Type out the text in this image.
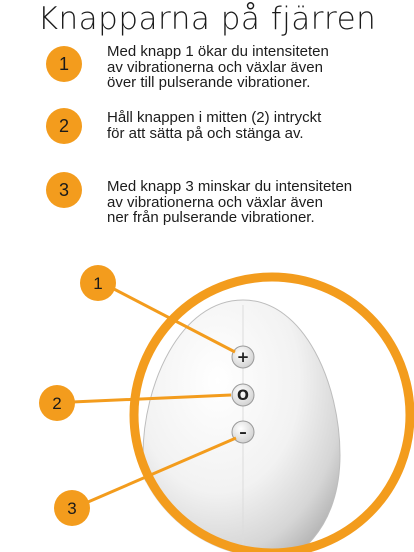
Knapparna på fjärren
1
Med knapp 1 ökar du intensiteten
av vibrationerna och växlar även
över till pulserande vibrationer.
2	Håll knappen i mitten (2) intryckt
för att sätta på och stänga av.
3	Med knapp 3 minskar du intensiteten
av vibrationerna och växlar även
ner från pulserande vibrationer.
+
O
–
1
2
3
